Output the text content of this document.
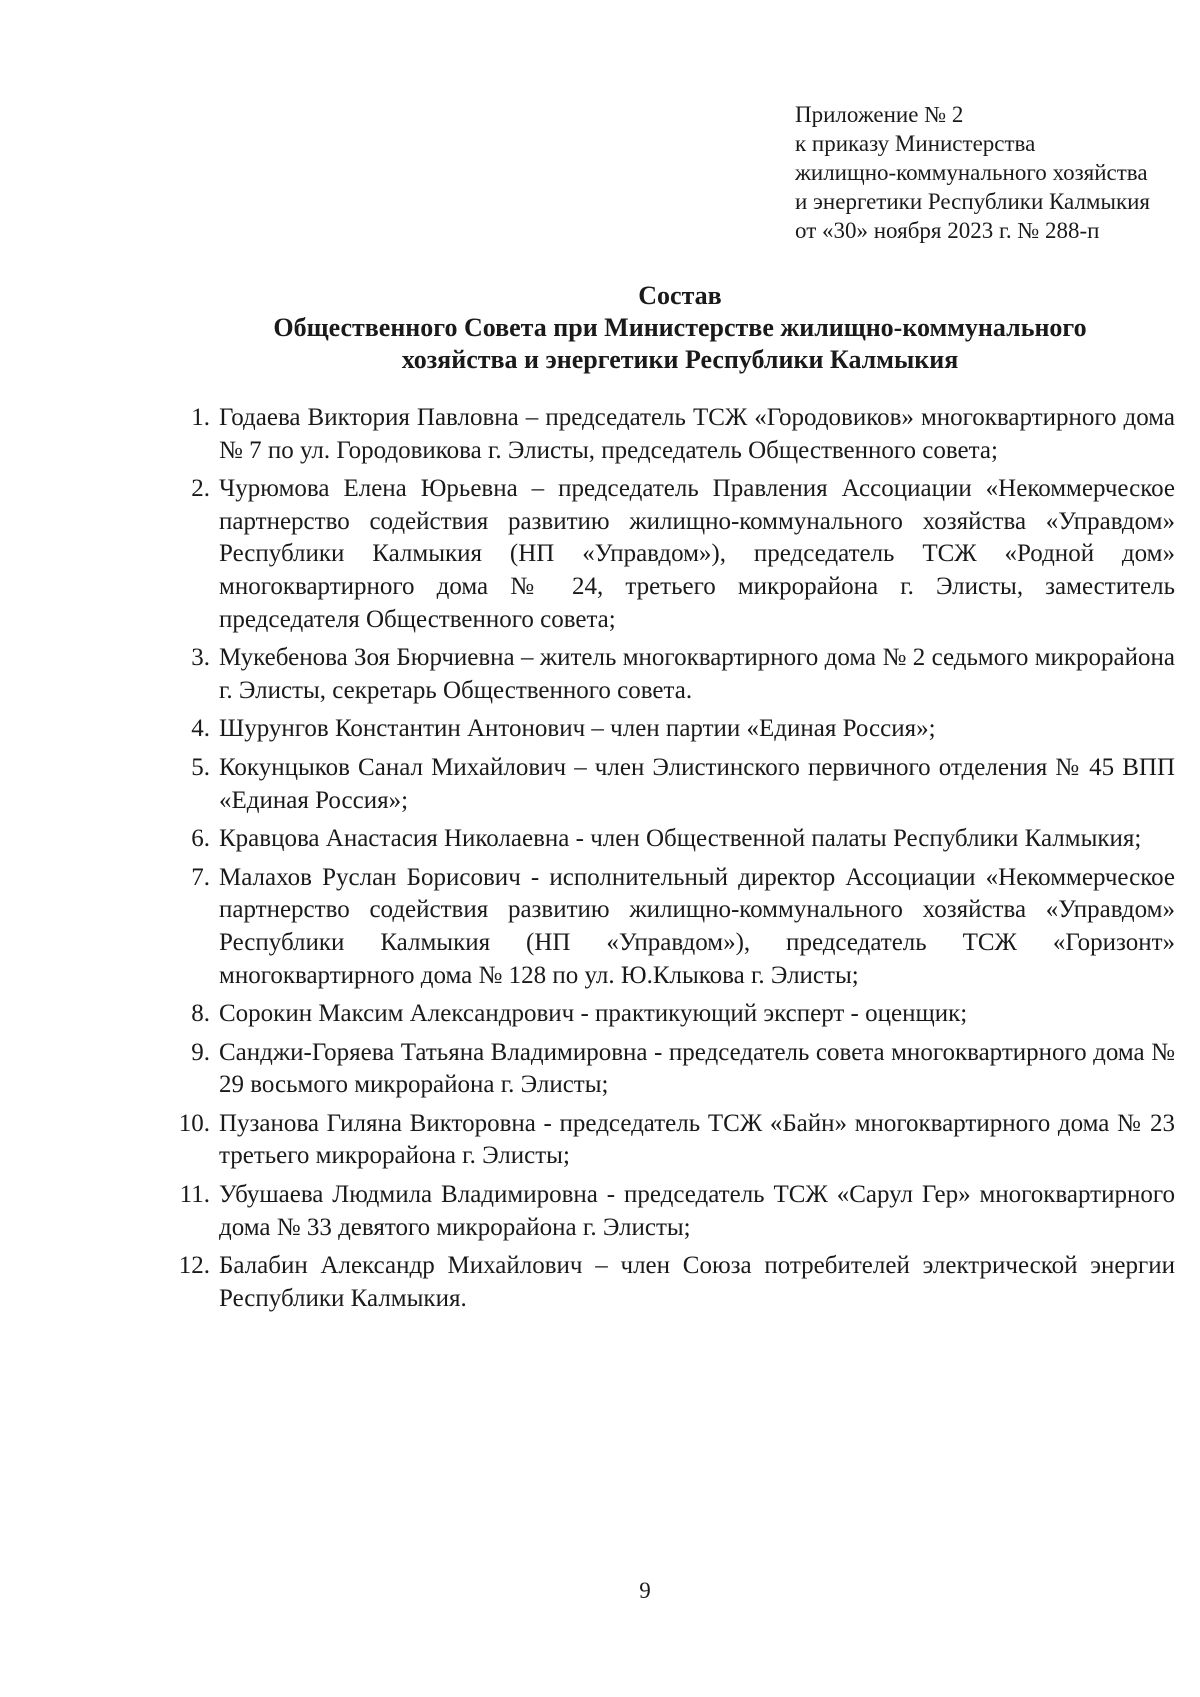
Приложение № 2
к приказу Министерства
жилищно-коммунального хозяйства
и энергетики Республики Калмыкия
от «30» ноября 2023 г. № 288-п
Состав
Общественного Совета при Министерстве жилищно-коммунального
хозяйства и энергетики Республики Калмыкия
1. Годаева Виктория Павловна – председатель ТСЖ «Городовиков» многоквартирного дома № 7 по ул. Городовикова г. Элисты, председатель Общественного совета;
2. Чурюмова Елена Юрьевна – председатель Правления Ассоциации «Некоммерческое партнерство содействия развитию жилищно-коммунального хозяйства «Управдом» Республики Калмыкия (НП «Управдом»), председатель ТСЖ «Родной дом» многоквартирного дома № 24, третьего микрорайона г. Элисты, заместитель председателя Общественного совета;
3. Мукебенова Зоя Бюрчиевна – житель многоквартирного дома № 2 седьмого микрорайона г. Элисты, секретарь Общественного совета.
4. Шурунгов Константин Антонович – член партии «Единая Россия»;
5. Кокунцыков Санал Михайлович – член Элистинского первичного отделения № 45 ВПП «Единая Россия»;
6. Кравцова Анастасия Николаевна - член Общественной палаты Республики Калмыкия;
7. Малахов Руслан Борисович - исполнительный директор Ассоциации «Некоммерческое партнерство содействия развитию жилищно-коммунального хозяйства «Управдом» Республики Калмыкия (НП «Управдом»), председатель ТСЖ «Горизонт» многоквартирного дома № 128 по ул. Ю.Клыкова г. Элисты;
8. Сорокин Максим Александрович - практикующий эксперт - оценщик;
9. Санджи-Горяева Татьяна Владимировна - председатель совета многоквартирного дома № 29 восьмого микрорайона г. Элисты;
10. Пузанова Гиляна Викторовна - председатель ТСЖ «Байн» многоквартирного дома № 23 третьего микрорайона г. Элисты;
11. Убушаева Людмила Владимировна - председатель ТСЖ «Сарул Гер» многоквартирного дома № 33 девятого микрорайона г. Элисты;
12. Балабин Александр Михайлович – член Союза потребителей электрической энергии Республики Калмыкия.
9
